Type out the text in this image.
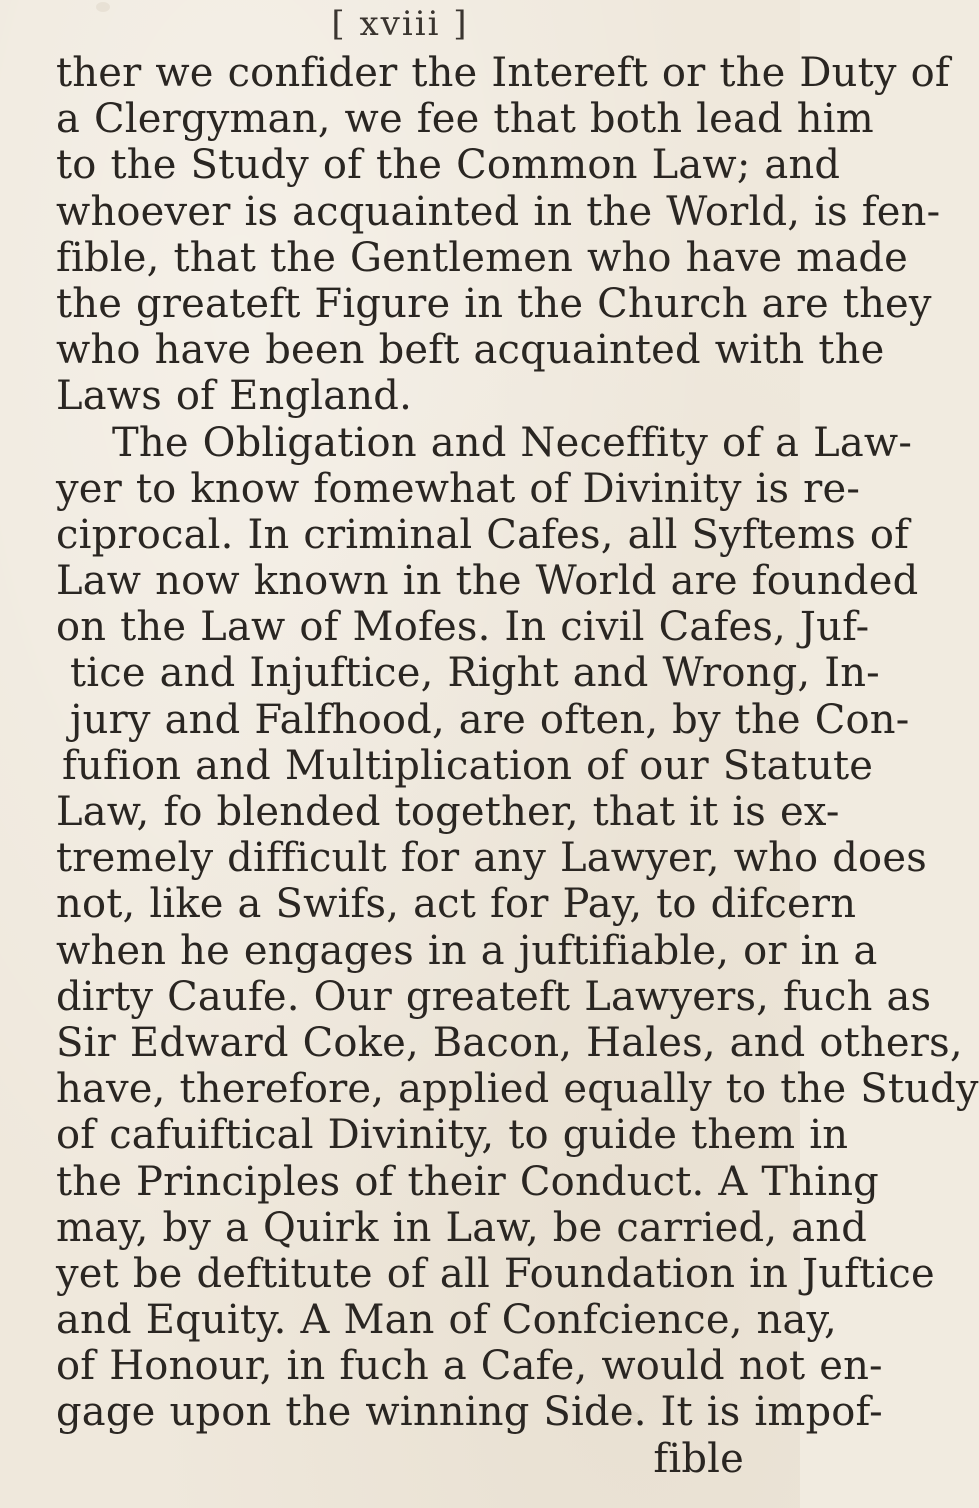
[ xviii ]
ther we confider the Intereft or the Duty of
a Clergyman, we fee that both lead him
to the Study of the Common Law; and
whoever is acquainted in the World, is fen-
fible, that the Gentlemen who have made
the greateft Figure in the Church are they
who have been beft acquainted with the
Laws of England.
The Obligation and Neceffity of a Law-
yer to know fomewhat of Divinity is re-
ciprocal. In criminal Cafes, all Syftems of
Law now known in the World are founded
on the Law of Mofes. In civil Cafes, Juf-
tice and Injuftice, Right and Wrong, In-
jury and Falfhood, are often, by the Con-
fufion and Multiplication of our Statute
Law, fo blended together, that it is ex-
tremely difficult for any Lawyer, who does
not, like a Swifs, act for Pay, to difcern
when he engages in a juftifiable, or in a
dirty Caufe. Our greateft Lawyers, fuch as
Sir Edward Coke, Bacon, Hales, and others,
have, therefore, applied equally to the Study
of cafuiftical Divinity, to guide them in
the Principles of their Conduct. A Thing
may, by a Quirk in Law, be carried, and
yet be deftitute of all Foundation in Juftice
and Equity. A Man of Confcience, nay,
of Honour, in fuch a Cafe, would not en-
gage upon the winning Side. It is impof-
fible
